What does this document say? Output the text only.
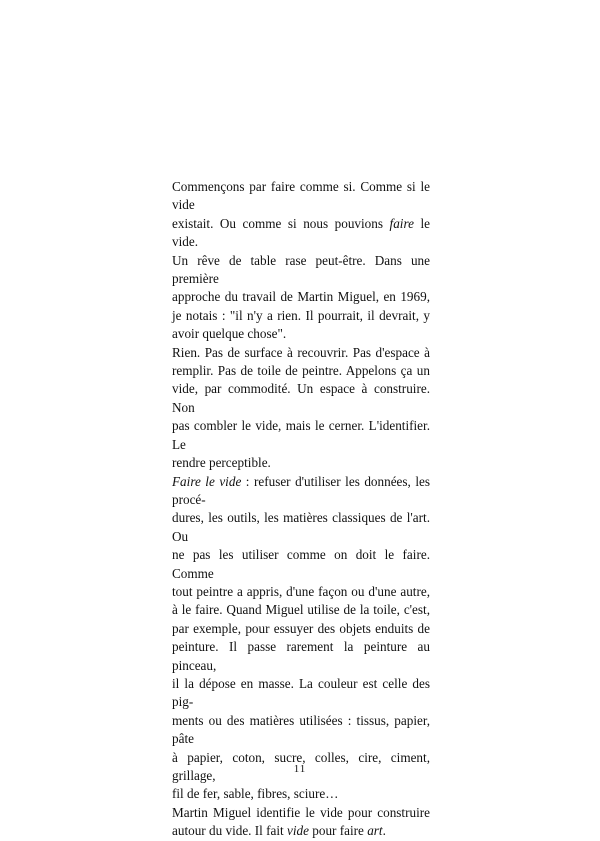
Commençons par faire comme si. Comme si le vide
existait. Ou comme si nous pouvions faire le vide.
Un rêve de table rase peut-être. Dans une première
approche du travail de Martin Miguel, en 1969,
je notais : "il n'y a rien. Il pourrait, il devrait, y
avoir quelque chose".
Rien. Pas de surface à recouvrir. Pas d'espace à
remplir. Pas de toile de peintre. Appelons ça un
vide, par commodité. Un espace à construire. Non
pas combler le vide, mais le cerner. L'identifier. Le
rendre perceptible.
Faire le vide : refuser d'utiliser les données, les procé-
dures, les outils, les matières classiques de l'art. Ou
ne pas les utiliser comme on doit le faire. Comme
tout peintre a appris, d'une façon ou d'une autre,
à le faire. Quand Miguel utilise de la toile, c'est,
par exemple, pour essuyer des objets enduits de
peinture. Il passe rarement la peinture au pinceau,
il la dépose en masse. La couleur est celle des pig-
ments ou des matières utilisées : tissus, papier, pâte
à papier, coton, sucre, colles, cire, ciment, grillage,
fil de fer, sable, fibres, sciure…
Martin Miguel identifie le vide pour construire
autour du vide. Il fait vide pour faire art.
11
